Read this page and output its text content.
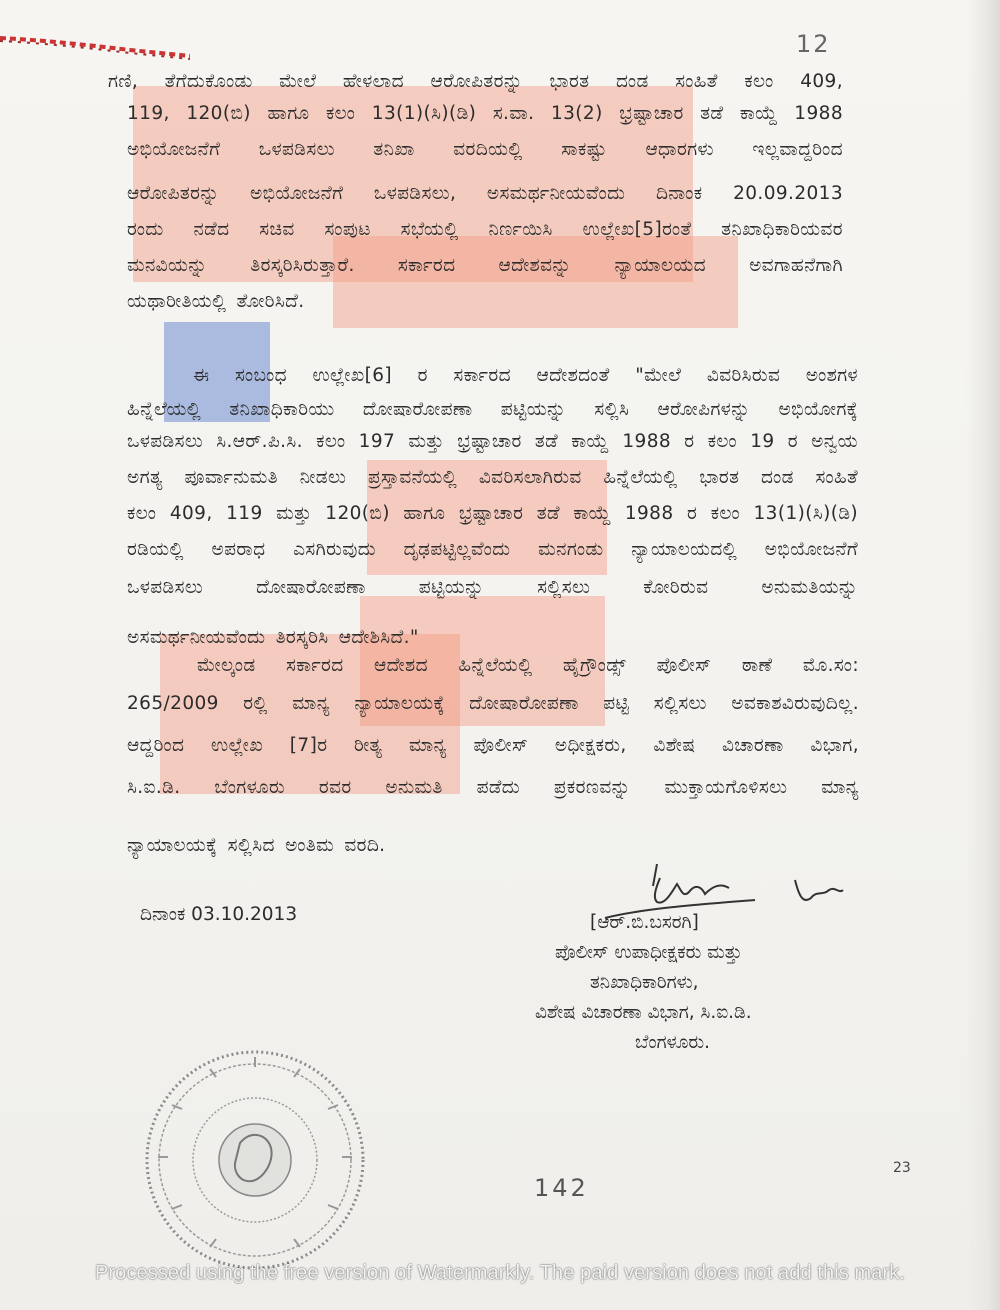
12
ಗಣಿ, ತೆಗೆದುಕೊಂಡು ಮೇಲೆ ಹೇಳಲಾದ ಆರೋಪಿತರನ್ನು ಭಾರತ ದಂಡ ಸಂಹಿತೆ ಕಲಂ 409,
119, 120(ಬಿ) ಹಾಗೂ ಕಲಂ 13(1)(ಸಿ)(ಡಿ) ಸ.ವಾ. 13(2) ಭ್ರಷ್ಟಾಚಾರ ತಡೆ ಕಾಯ್ದೆ 1988
ಅಭಿಯೋಜನೆಗೆ ಒಳಪಡಿಸಲು ತನಿಖಾ ವರದಿಯಲ್ಲಿ ಸಾಕಷ್ಟು ಆಧಾರಗಳು ಇಲ್ಲವಾದ್ದರಿಂದ
ಆರೋಪಿತರನ್ನು ಅಭಿಯೋಜನೆಗೆ ಒಳಪಡಿಸಲು, ಅಸಮರ್ಥನೀಯವೆಂದು ದಿನಾಂಕ 20.09.2013
ರಂದು ನಡೆದ ಸಚಿವ ಸಂಪುಟ ಸಭೆಯಲ್ಲಿ ನಿರ್ಣಯಿಸಿ ಉಲ್ಲೇಖ[5]ರಂತೆ ತನಿಖಾಧಿಕಾರಿಯವರ
ಮನವಿಯನ್ನು ತಿರಸ್ಕರಿಸಿರುತ್ತಾರೆ. ಸರ್ಕಾರದ ಆದೇಶವನ್ನು ನ್ಯಾಯಾಲಯದ ಅವಗಾಹನೆಗಾಗಿ
ಯಥಾರೀತಿಯಲ್ಲಿ ತೋರಿಸಿದೆ.
ಈ ಸಂಬಂಧ ಉಲ್ಲೇಖ[6] ರ ಸರ್ಕಾರದ ಆದೇಶದಂತೆ "ಮೇಲೆ ವಿವರಿಸಿರುವ ಅಂಶಗಳ
ಹಿನ್ನೆಲೆಯಲ್ಲಿ ತನಿಖಾಧಿಕಾರಿಯು ದೋಷಾರೋಪಣಾ ಪಟ್ಟಿಯನ್ನು ಸಲ್ಲಿಸಿ ಆರೋಪಿಗಳನ್ನು ಅಭಿಯೋಗಕ್ಕೆ
ಒಳಪಡಿಸಲು ಸಿ.ಆರ್.ಪಿ.ಸಿ. ಕಲಂ 197 ಮತ್ತು ಭ್ರಷ್ಟಾಚಾರ ತಡೆ ಕಾಯ್ದೆ 1988 ರ ಕಲಂ 19 ರ ಅನ್ವಯ
ಅಗತ್ಯ ಪೂರ್ವಾನುಮತಿ ನೀಡಲು ಪ್ರಸ್ತಾವನೆಯಲ್ಲಿ ವಿವರಿಸಲಾಗಿರುವ ಹಿನ್ನೆಲೆಯಲ್ಲಿ ಭಾರತ ದಂಡ ಸಂಹಿತೆ
ಕಲಂ 409, 119 ಮತ್ತು 120(ಬಿ) ಹಾಗೂ ಭ್ರಷ್ಟಾಚಾರ ತಡೆ ಕಾಯ್ದೆ 1988 ರ ಕಲಂ 13(1)(ಸಿ)(ಡಿ)
ರಡಿಯಲ್ಲಿ ಅಪರಾಧ ಎಸಗಿರುವುದು ದೃಢಪಟ್ಟಿಲ್ಲವೆಂದು ಮನಗಂಡು ನ್ಯಾಯಾಲಯದಲ್ಲಿ ಅಭಿಯೋಜನೆಗೆ
ಒಳಪಡಿಸಲು ದೋಷಾರೋಪಣಾ ಪಟ್ಟಿಯನ್ನು ಸಲ್ಲಿಸಲು ಕೋರಿರುವ ಅನುಮತಿಯನ್ನು
ಅಸಮರ್ಥನೀಯವೆಂದು ತಿರಸ್ಕರಿಸಿ ಆದೇಶಿಸಿದೆ."
ಮೇಲ್ಕಂಡ ಸರ್ಕಾರದ ಆದೇಶದ ಹಿನ್ನೆಲೆಯಲ್ಲಿ ಹೈಗ್ರೌಂಡ್ಸ್ ಪೊಲೀಸ್ ಠಾಣೆ ಮೊ.ಸಂ:
265/2009 ರಲ್ಲಿ ಮಾನ್ಯ ನ್ಯಾಯಾಲಯಕ್ಕೆ ದೋಷಾರೋಪಣಾ ಪಟ್ಟಿ ಸಲ್ಲಿಸಲು ಅವಕಾಶವಿರುವುದಿಲ್ಲ.
ಆದ್ದರಿಂದ ಉಲ್ಲೇಖ [7]ರ ರೀತ್ಯ ಮಾನ್ಯ ಪೊಲೀಸ್ ಅಧೀಕ್ಷಕರು, ವಿಶೇಷ ವಿಚಾರಣಾ ವಿಭಾಗ,
ಸಿ.ಐ.ಡಿ. ಬೆಂಗಳೂರು ರವರ ಅನುಮತಿ ಪಡೆದು ಪ್ರಕರಣವನ್ನು ಮುಕ್ತಾಯಗೊಳಿಸಲು ಮಾನ್ಯ
ನ್ಯಾಯಾಲಯಕ್ಕೆ ಸಲ್ಲಿಸಿದ ಅಂತಿಮ ವರದಿ.
ದಿನಾಂಕ 03.10.2013	[ಆರ್.ಬಿ.ಬಸರಗಿ]
ಪೊಲೀಸ್ ಉಪಾಧೀಕ್ಷಕರು ಮತ್ತು
ತನಿಖಾಧಿಕಾರಿಗಳು,
ವಿಶೇಷ ವಿಚಾರಣಾ ವಿಭಾಗ, ಸಿ.ಐ.ಡಿ.
ಬೆಂಗಳೂರು.
142
23
Processed using the free version of Watermarkly. The paid version does not add this mark.
